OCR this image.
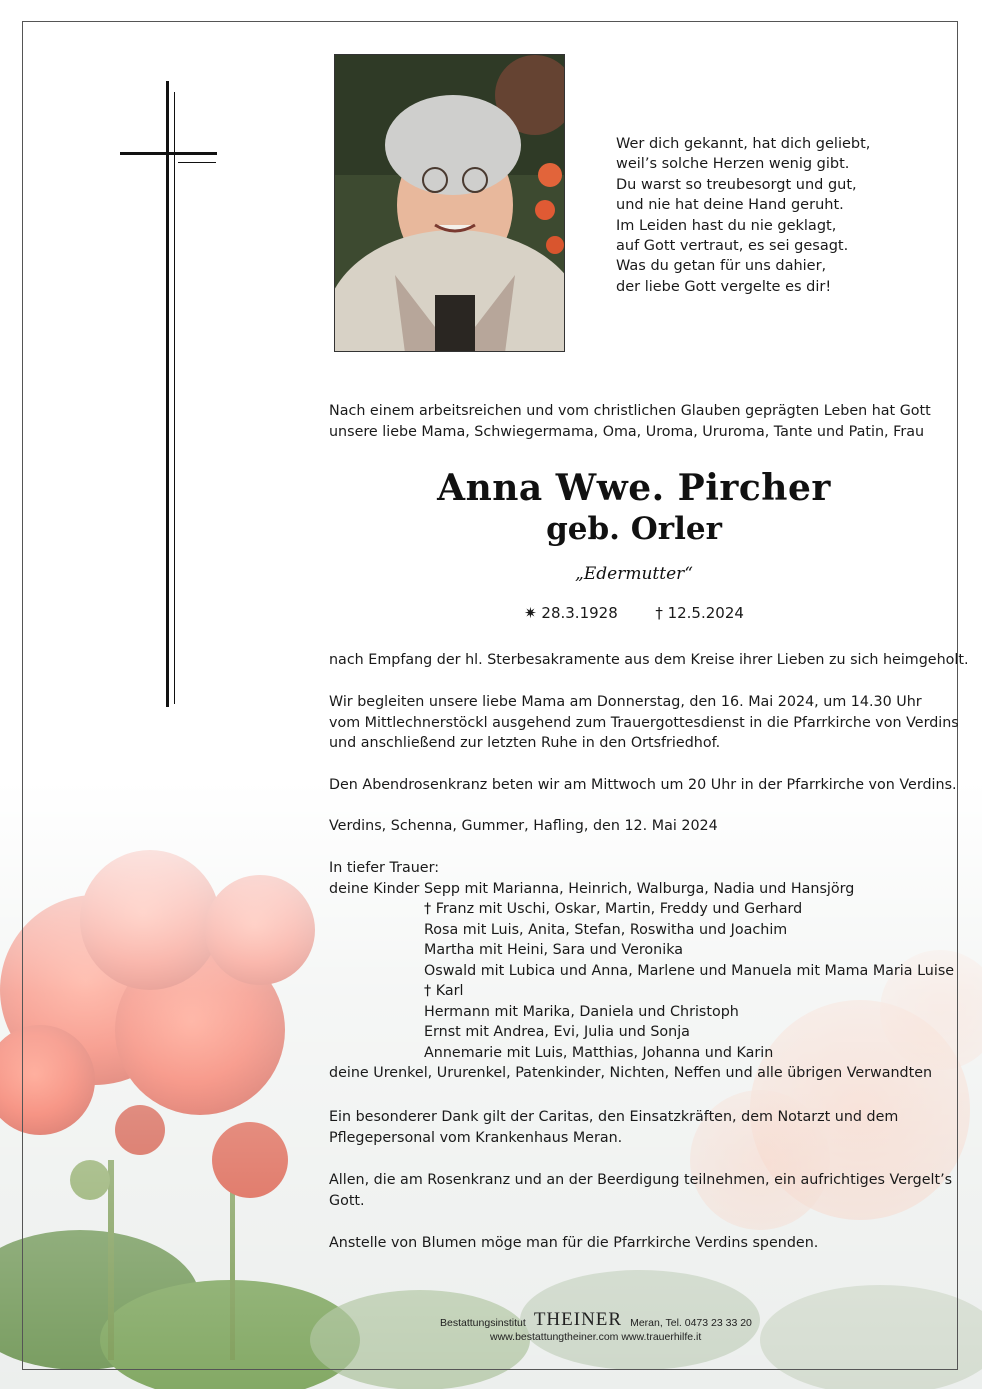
Wer dich gekannt, hat dich geliebt,
weil’s solche Herzen wenig gibt.
Du warst so treubesorgt und gut,
und nie hat deine Hand geruht.
Im Leiden hast du nie geklagt,
auf Gott vertraut, es sei gesagt.
Was du getan für uns dahier,
der liebe Gott vergelte es dir!
Nach einem arbeitsreichen und vom christlichen Glauben geprägten Leben hat Gott
unsere liebe Mama, Schwiegermama, Oma, Uroma, Ururoma, Tante und Patin, Frau
Anna Wwe. Pircher
geb. Orler
„Edermutter“
✷ 28.3.1928	† 12.5.2024
nach Empfang der hl. Sterbesakramente aus dem Kreise ihrer Lieben zu sich heimgeholt.
Wir begleiten unsere liebe Mama am Donnerstag, den 16. Mai 2024, um 14.30 Uhr
vom Mittlechnerstöckl ausgehend zum Trauergottesdienst in die Pfarrkirche von Verdins
und anschließend zur letzten Ruhe in den Ortsfriedhof.
Den Abendrosenkranz beten wir am Mittwoch um 20 Uhr in der Pfarrkirche von Verdins.
Verdins, Schenna, Gummer, Hafling, den 12. Mai 2024
In tiefer Trauer:
deine Kinder Sepp mit Marianna, Heinrich, Walburga, Nadia und Hansjörg
† Franz mit Uschi, Oskar, Martin, Freddy und Gerhard
Rosa mit Luis, Anita, Stefan, Roswitha und Joachim
Martha mit Heini, Sara und Veronika
Oswald mit Lubica und Anna, Marlene und Manuela mit Mama Maria Luise
† Karl
Hermann mit Marika, Daniela und Christoph
Ernst mit Andrea, Evi, Julia und Sonja
Annemarie mit Luis, Matthias, Johanna und Karin
deine Urenkel, Ururenkel, Patenkinder, Nichten, Neffen und alle übrigen Verwandten
Ein besonderer Dank gilt der Caritas, den Einsatzkräften, dem Notarzt und dem
Pflegepersonal vom Krankenhaus Meran.
Allen, die am Rosenkranz und an der Beerdigung teilnehmen, ein aufrichtiges Vergelt’s
Gott.
Anstelle von Blumen möge man für die Pfarrkirche Verdins spenden.
Bestattungsinstitut THEINER Meran, Tel. 0473 23 33 20
www.bestattungtheiner.com www.trauerhilfe.it
